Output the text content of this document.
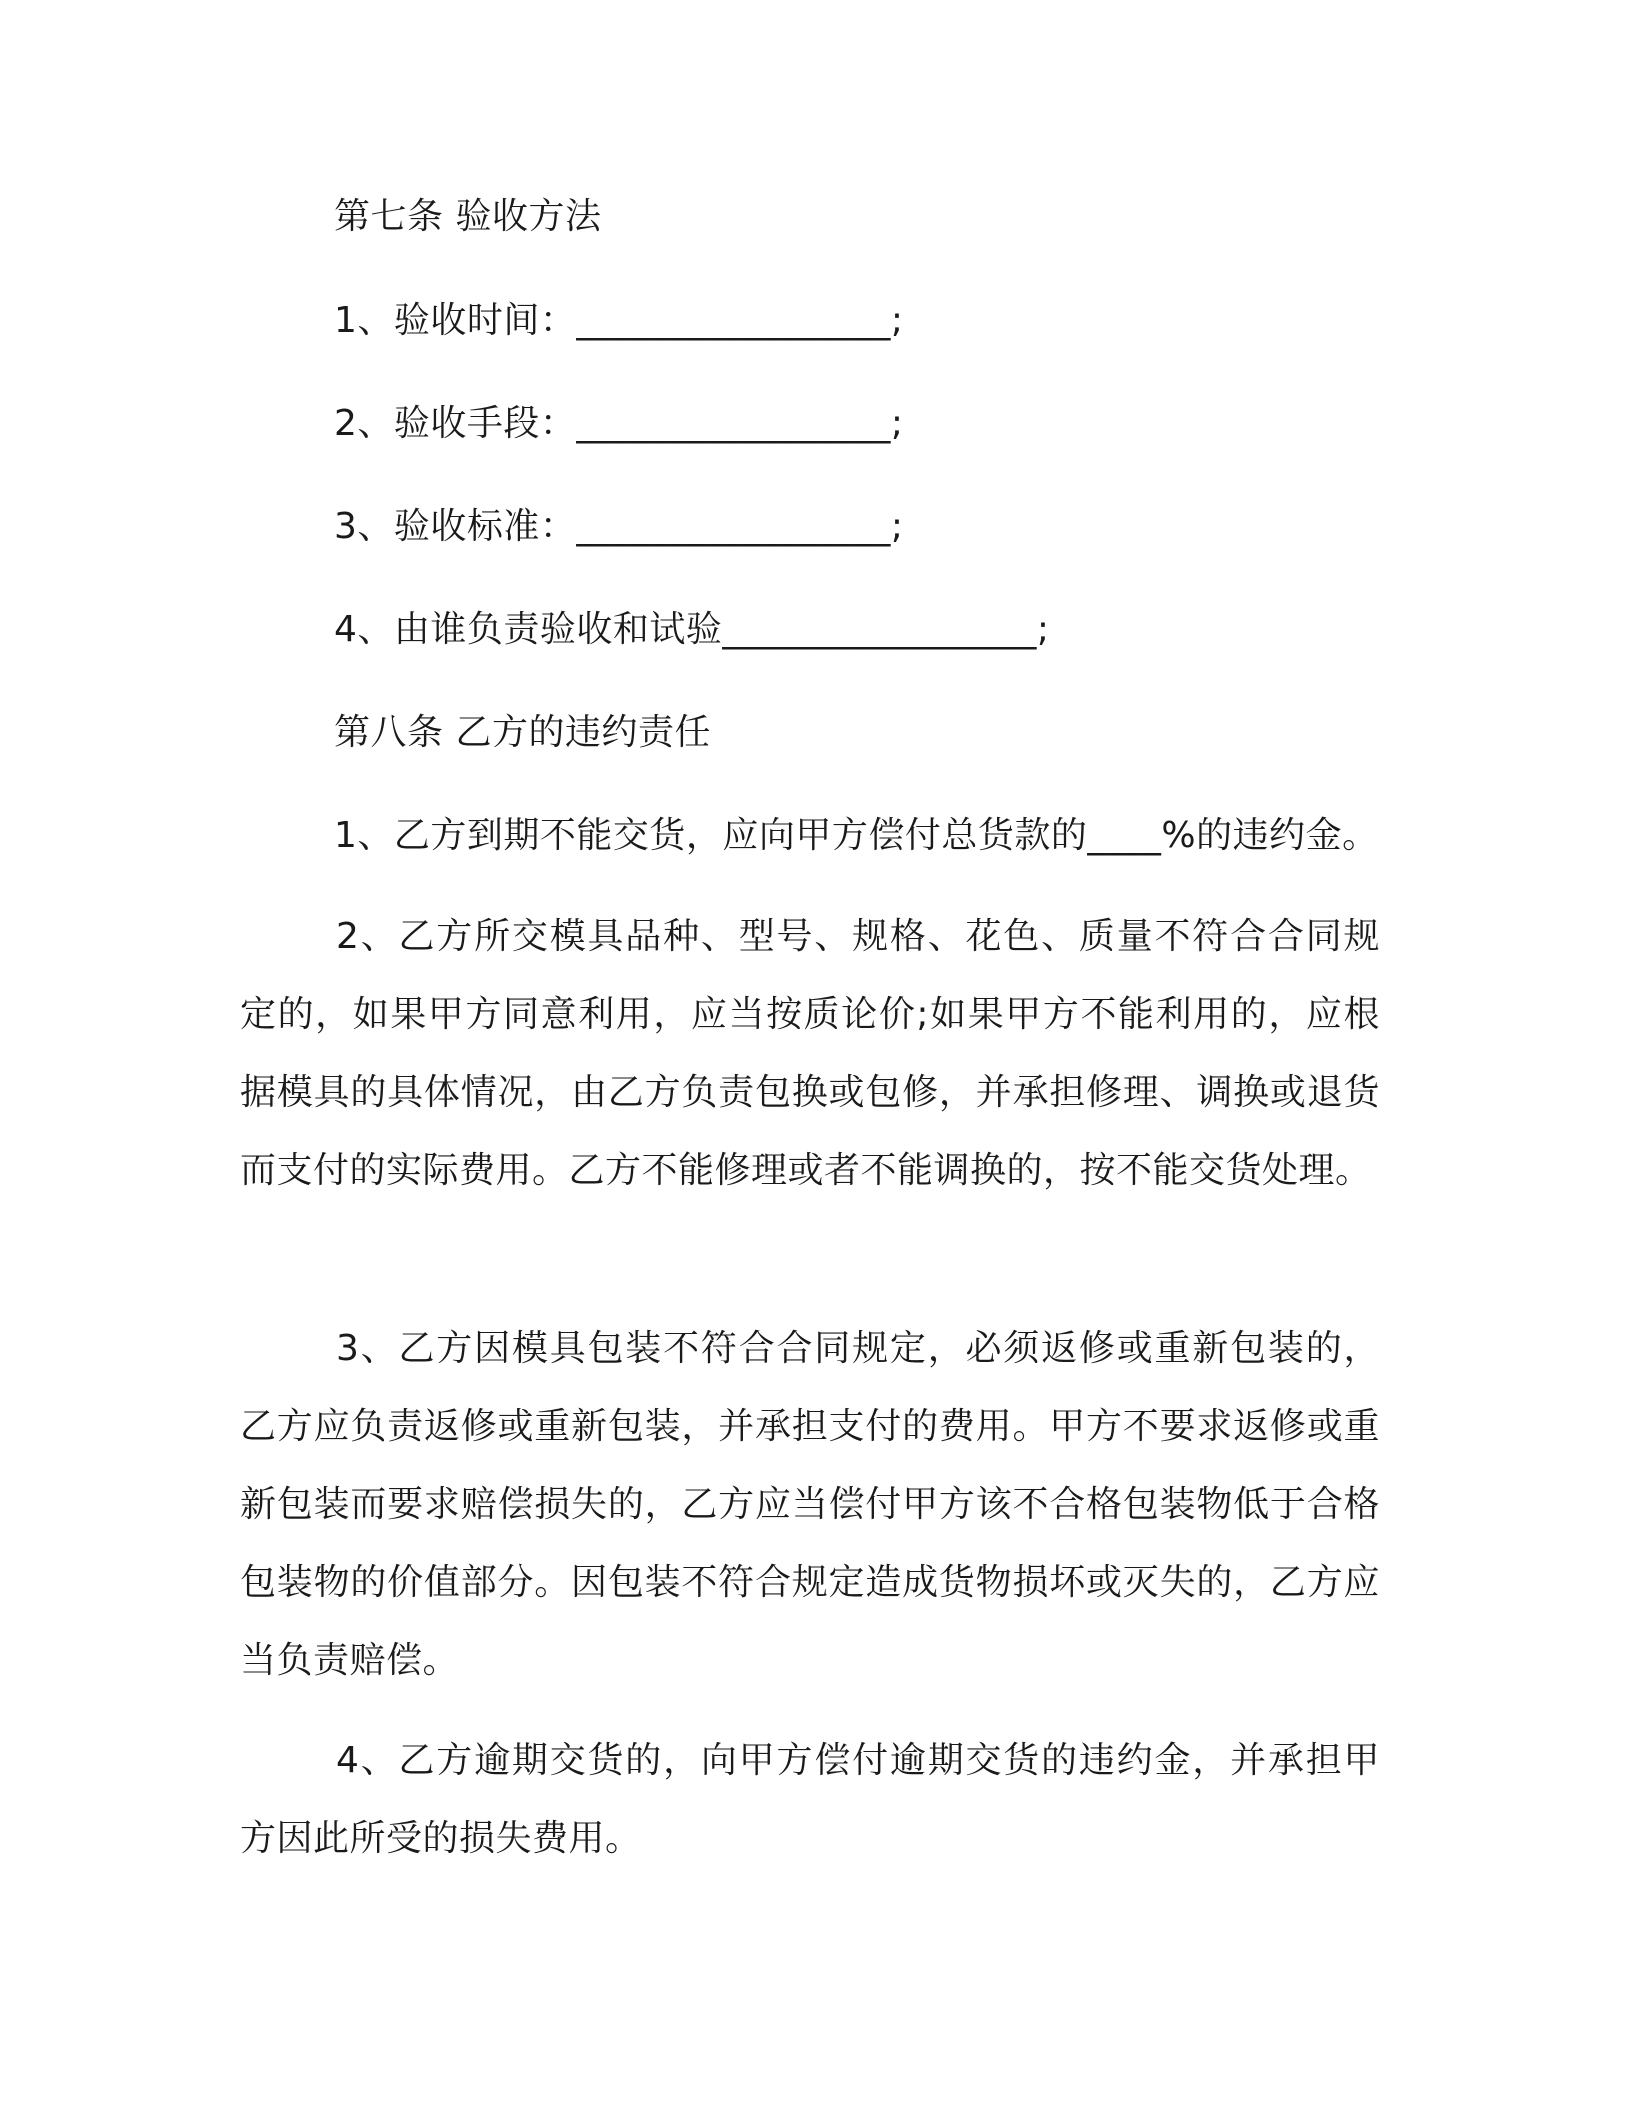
第七条 验收方法
1、验收时间：_________________;
2、验收手段：_________________;
3、验收标准：_________________;
4、由谁负责验收和试验_________________;
第八条 乙方的违约责任
1、乙方到期不能交货，应向甲方偿付总货款的____%的违约金。
2、乙方所交模具品种、型号、规格、花色、质量不符合合同规定的，如果甲方同意利用，应当按质论价;如果甲方不能利用的，应根据模具的具体情况，由乙方负责包换或包修，并承担修理、调换或退货而支付的实际费用。乙方不能修理或者不能调换的，按不能交货处理。
3、乙方因模具包装不符合合同规定，必须返修或重新包装的，乙方应负责返修或重新包装，并承担支付的费用。甲方不要求返修或重新包装而要求赔偿损失的，乙方应当偿付甲方该不合格包装物低于合格包装物的价值部分。因包装不符合规定造成货物损坏或灭失的，乙方应当负责赔偿。
4、乙方逾期交货的，向甲方偿付逾期交货的违约金，并承担甲方因此所受的损失费用。
